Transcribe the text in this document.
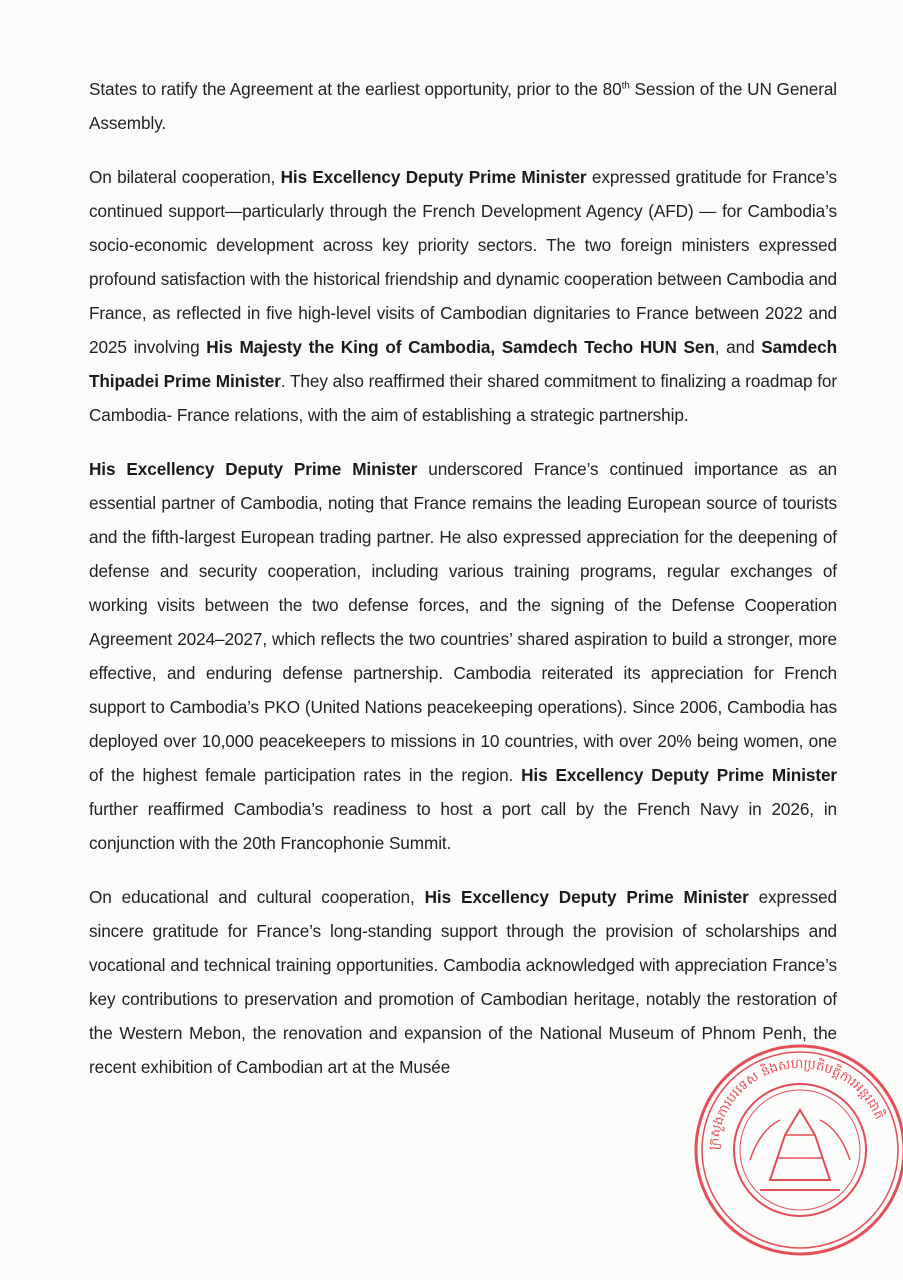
States to ratify the Agreement at the earliest opportunity, prior to the 80th Session of the UN General Assembly.

On bilateral cooperation, His Excellency Deputy Prime Minister expressed gratitude for France’s continued support—particularly through the French Development Agency (AFD) — for Cambodia’s socio-economic development across key priority sectors. The two foreign ministers expressed profound satisfaction with the historical friendship and dynamic cooperation between Cambodia and France, as reflected in five high-level visits of Cambodian dignitaries to France between 2022 and 2025 involving His Majesty the King of Cambodia, Samdech Techo HUN Sen, and Samdech Thipadei Prime Minister. They also reaffirmed their shared commitment to finalizing a roadmap for Cambodia- France relations, with the aim of establishing a strategic partnership.

His Excellency Deputy Prime Minister underscored France’s continued importance as an essential partner of Cambodia, noting that France remains the leading European source of tourists and the fifth-largest European trading partner. He also expressed appreciation for the deepening of defense and security cooperation, including various training programs, regular exchanges of working visits between the two defense forces, and the signing of the Defense Cooperation Agreement 2024–2027, which reflects the two countries’ shared aspiration to build a stronger, more effective, and enduring defense partnership. Cambodia reiterated its appreciation for French support to Cambodia’s PKO (United Nations peacekeeping operations). Since 2006, Cambodia has deployed over 10,000 peacekeepers to missions in 10 countries, with over 20% being women, one of the highest female participation rates in the region. His Excellency Deputy Prime Minister further reaffirmed Cambodia’s readiness to host a port call by the French Navy in 2026, in conjunction with the 20th Francophonie Summit.

On educational and cultural cooperation, His Excellency Deputy Prime Minister expressed sincere gratitude for France’s long-standing support through the provision of scholarships and vocational and technical training opportunities. Cambodia acknowledged with appreciation France’s key contributions to preservation and promotion of Cambodian heritage, notably the restoration of the Western Mebon, the renovation and expansion of the National Museum of Phnom Penh, the recent exhibition of Cambodian art at the Musée

ក្រសួងការបរទេស និងសហប្រតិបត្តិការអន្តរជាតិ
